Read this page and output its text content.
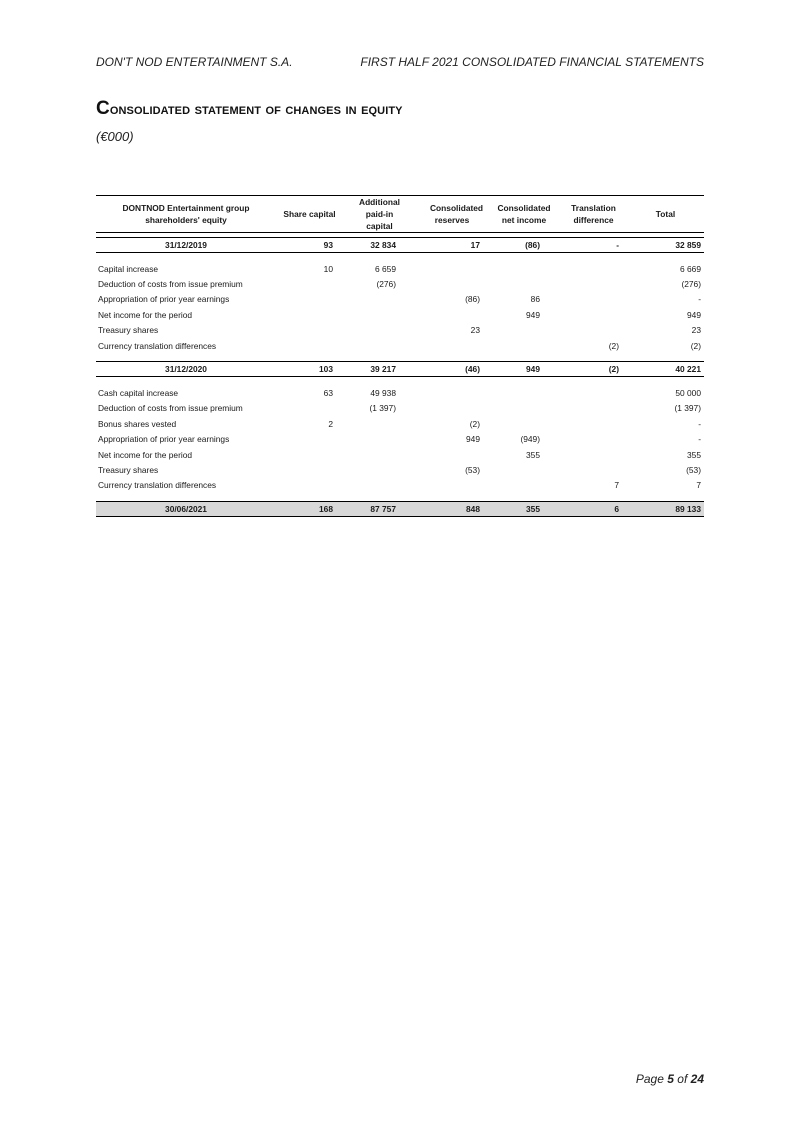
DON'T NOD ENTERTAINMENT S.A.	FIRST HALF 2021 CONSOLIDATED FINANCIAL STATEMENTS
Consolidated statement of changes in equity
(€000)
DONTNOD Entertainment group shareholders' equity	Share capital	Additional paid-in capital	Consolidated reserves	Consolidated net income	Translation difference	Total

31/12/2019	93	32 834	17	(86)	-	32 859

Capital increase	10	6 659				6 669
Deduction of costs from issue premium		(276)				(276)
Appropriation of prior year earnings			(86)	86		-
Net income for the period				949		949
Treasury shares			23			23
Currency translation differences					(2)	(2)

31/12/2020	103	39 217	(46)	949	(2)	40 221

Cash capital increase	63	49 938				50 000
Deduction of costs from issue premium		(1 397)				(1 397)
Bonus shares vested	2		(2)			-
Appropriation of prior year earnings			949	(949)		-
Net income for the period				355		355
Treasury shares			(53)			(53)
Currency translation differences					7	7

30/06/2021	168	87 757	848	355	6	89 133
Page 5 of 24
